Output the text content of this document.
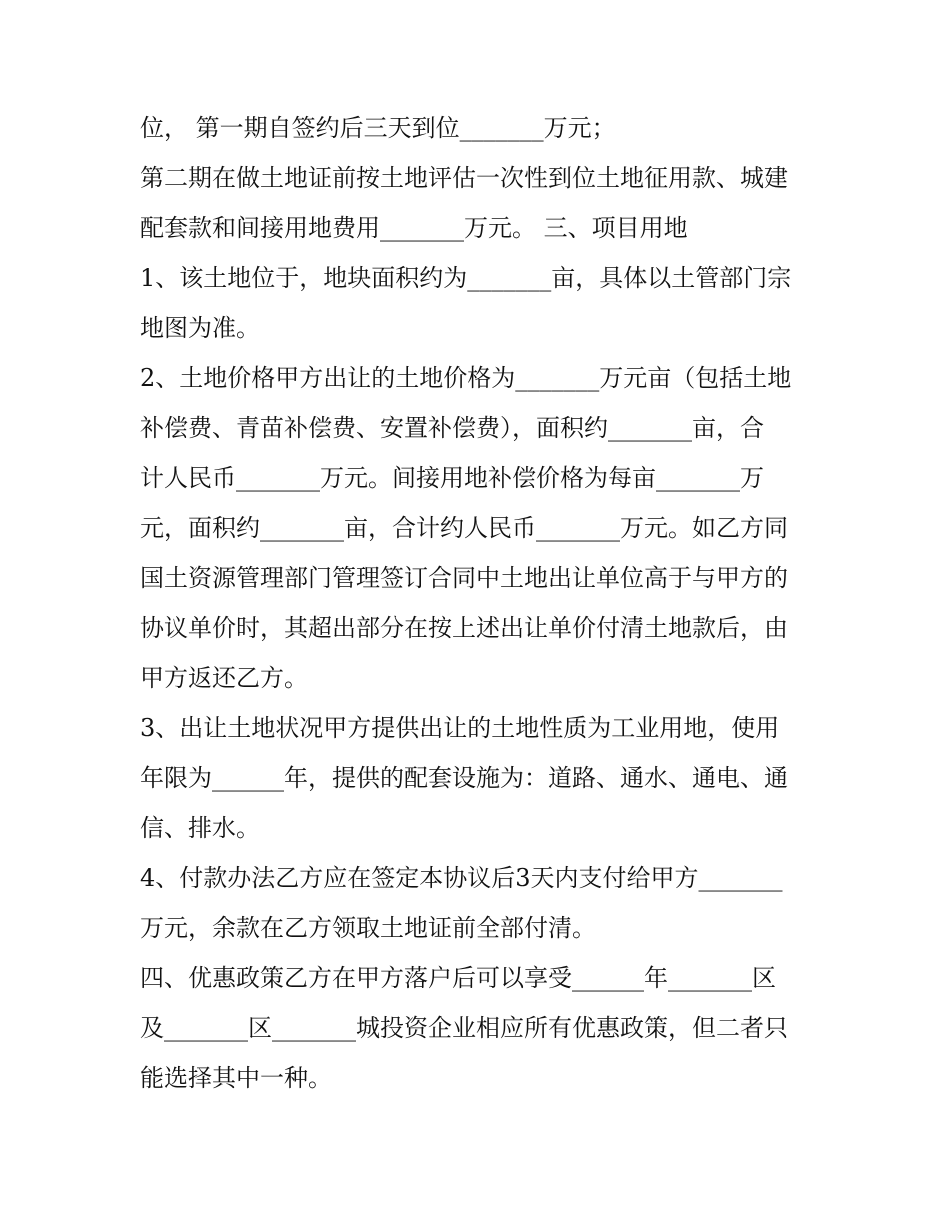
位， 第一期自签约后三天到位_______万元；
第二期在做土地证前按土地评估一次性到位土地征用款、城建
配套款和间接用地费用_______万元。 三、项目用地
1、该土地位于，地块面积约为_______亩，具体以土管部门宗
地图为准。
2、土地价格甲方出让的土地价格为_______万元亩（包括土地
补偿费、青苗补偿费、安置补偿费），面积约_______亩，合
计人民币_______万元。间接用地补偿价格为每亩_______万
元，面积约_______亩，合计约人民币_______万元。如乙方同
国土资源管理部门管理签订合同中土地出让单位高于与甲方的
协议单价时，其超出部分在按上述出让单价付清土地款后，由
甲方返还乙方。
3、出让土地状况甲方提供出让的土地性质为工业用地，使用
年限为______年，提供的配套设施为：道路、通水、通电、通
信、排水。
4、付款办法乙方应在签定本协议后3天内支付给甲方_______
万元，余款在乙方领取土地证前全部付清。
四、优惠政策乙方在甲方落户后可以享受______年_______区
及_______区_______城投资企业相应所有优惠政策，但二者只
能选择其中一种。
